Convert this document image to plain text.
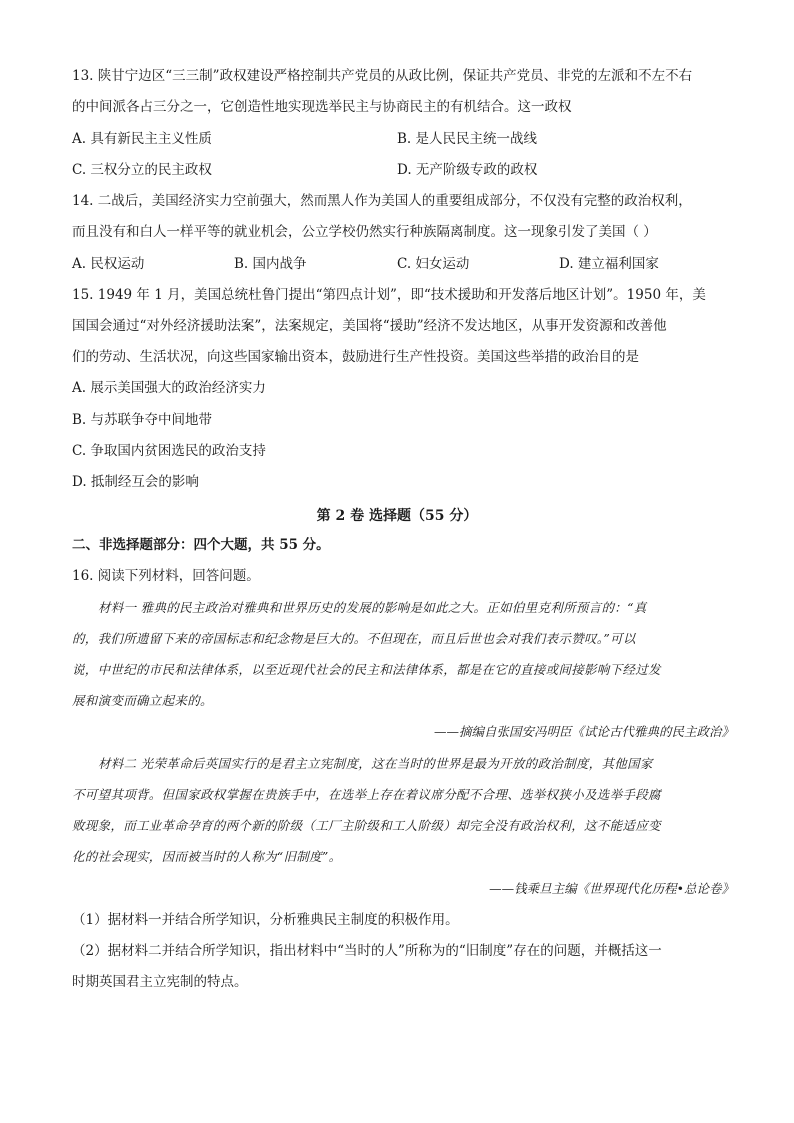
13. 陕甘宁边区“三三制”政权建设严格控制共产党员的从政比例，保证共产党员、非党的左派和不左不右
的中间派各占三分之一，它创造性地实现选举民主与协商民主的有机结合。这一政权
A. 具有新民主主义性质	B. 是人民民主统一战线
C. 三权分立的民主政权	D. 无产阶级专政的政权
14. 二战后，美国经济实力空前强大，然而黑人作为美国人的重要组成部分，不仅没有完整的政治权利，
而且没有和白人一样平等的就业机会，公立学校仍然实行种族隔离制度。这一现象引发了美国（ ）
A. 民权运动	B. 国内战争	C. 妇女运动	D. 建立福利国家
15. 1949 年 1 月，美国总统杜鲁门提出“第四点计划”，即“技术援助和开发落后地区计划”。1950 年，美
国国会通过“对外经济援助法案”，法案规定，美国将“援助”经济不发达地区，从事开发资源和改善他
们的劳动、生活状况，向这些国家输出资本，鼓励进行生产性投资。美国这些举措的政治目的是
A. 展示美国强大的政治经济实力
B. 与苏联争夺中间地带
C. 争取国内贫困选民的政治支持
D. 抵制经互会的影响
第 2 卷 选择题（55 分）
二、非选择题部分：四个大题，共 55 分。
16. 阅读下列材料，回答问题。
材料一 雅典的民主政治对雅典和世界历史的发展的影响是如此之大。正如伯里克利所预言的：“真
的，我们所遗留下来的帝国标志和纪念物是巨大的。不但现在，而且后世也会对我们表示赞叹。”可以
说，中世纪的市民和法律体系，以至近现代社会的民主和法律体系，都是在它的直接或间接影响下经过发
展和演变而确立起来的。
——摘编自张国安冯明臣《试论古代雅典的民主政治》
材料二 光荣革命后英国实行的是君主立宪制度，这在当时的世界是最为开放的政治制度，其他国家
不可望其项背。但国家政权掌握在贵族手中，在选举上存在着议席分配不合理、选举权狭小及选举手段腐
败现象，而工业革命孕育的两个新的阶级（工厂主阶级和工人阶级）却完全没有政治权利，这不能适应变
化的社会现实，因而被当时的人称为“旧制度”。
——钱乘旦主编《世界现代化历程•总论卷》
（1）据材料一并结合所学知识，分析雅典民主制度的积极作用。
（2）据材料二并结合所学知识，指出材料中“当时的人”所称为的“旧制度”存在的问题，并概括这一
时期英国君主立宪制的特点。
